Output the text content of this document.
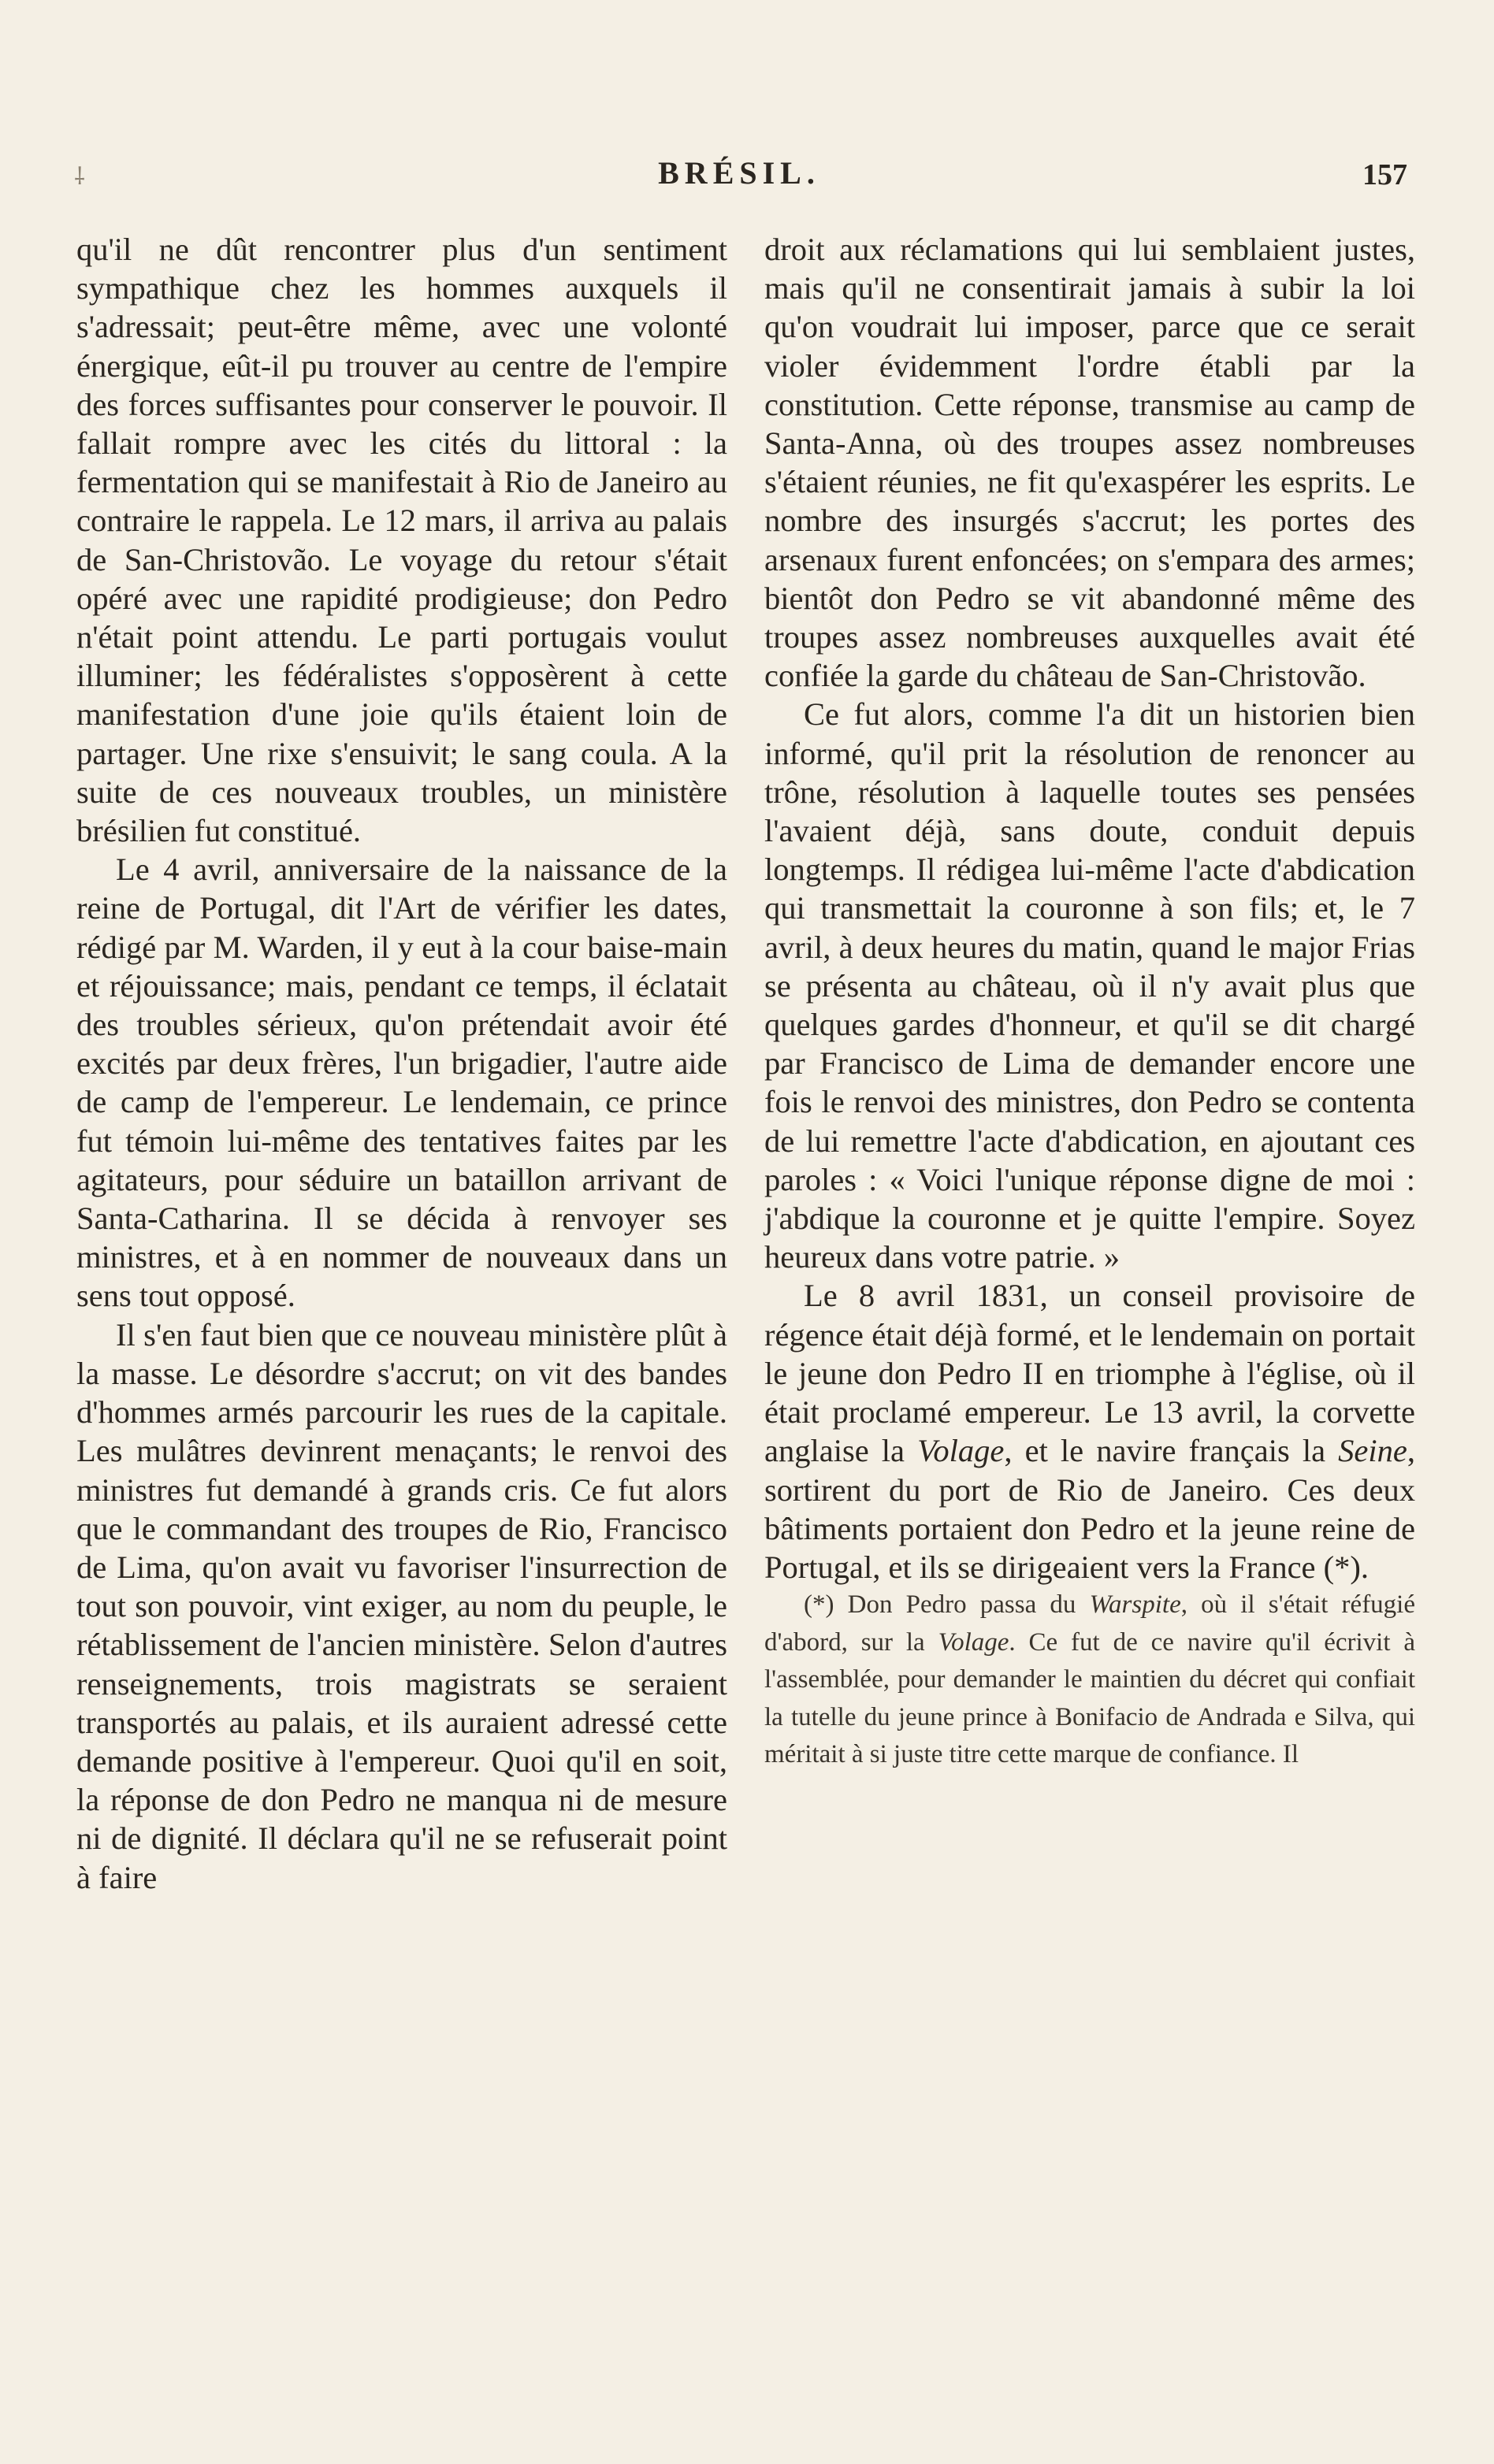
⸸	BRÉSIL.	157

qu'il ne dût rencontrer plus d'un sentiment sympathique chez les hommes auxquels il s'adressait; peut-être même, avec une volonté énergique, eût-il pu trouver au centre de l'empire des forces suffisantes pour conserver le pouvoir. Il fallait rompre avec les cités du littoral : la fermentation qui se manifestait à Rio de Janeiro au contraire le rappela. Le 12 mars, il arriva au palais de San-Christovão. Le voyage du retour s'était opéré avec une rapidité prodigieuse; don Pedro n'était point attendu. Le parti portugais voulut illuminer; les fédéralistes s'opposèrent à cette manifestation d'une joie qu'ils étaient loin de partager. Une rixe s'ensuivit; le sang coula. A la suite de ces nouveaux troubles, un ministère brésilien fut constitué.

Le 4 avril, anniversaire de la naissance de la reine de Portugal, dit l'Art de vérifier les dates, rédigé par M. Warden, il y eut à la cour baise-main et réjouissance; mais, pendant ce temps, il éclatait des troubles sérieux, qu'on prétendait avoir été excités par deux frères, l'un brigadier, l'autre aide de camp de l'empereur. Le lendemain, ce prince fut témoin lui-même des tentatives faites par les agitateurs, pour séduire un bataillon arrivant de Santa-Catharina. Il se décida à renvoyer ses ministres, et à en nommer de nouveaux dans un sens tout opposé.

Il s'en faut bien que ce nouveau ministère plût à la masse. Le désordre s'accrut; on vit des bandes d'hommes armés parcourir les rues de la capitale. Les mulâtres devinrent menaçants; le renvoi des ministres fut demandé à grands cris. Ce fut alors que le commandant des troupes de Rio, Francisco de Lima, qu'on avait vu favoriser l'insurrection de tout son pouvoir, vint exiger, au nom du peuple, le rétablissement de l'ancien ministère. Selon d'autres renseignements, trois magistrats se seraient transportés au palais, et ils auraient adressé cette demande positive à l'empereur. Quoi qu'il en soit, la réponse de don Pedro ne manqua ni de mesure ni de dignité. Il déclara qu'il ne se refuserait point à faire

droit aux réclamations qui lui semblaient justes, mais qu'il ne consentirait jamais à subir la loi qu'on voudrait lui imposer, parce que ce serait violer évidemment l'ordre établi par la constitution. Cette réponse, transmise au camp de Santa-Anna, où des troupes assez nombreuses s'étaient réunies, ne fit qu'exaspérer les esprits. Le nombre des insurgés s'accrut; les portes des arsenaux furent enfoncées; on s'empara des armes; bientôt don Pedro se vit abandonné même des troupes assez nombreuses auxquelles avait été confiée la garde du château de San-Christovão.

Ce fut alors, comme l'a dit un historien bien informé, qu'il prit la résolution de renoncer au trône, résolution à laquelle toutes ses pensées l'avaient déjà, sans doute, conduit depuis longtemps. Il rédigea lui-même l'acte d'abdication qui transmettait la couronne à son fils; et, le 7 avril, à deux heures du matin, quand le major Frias se présenta au château, où il n'y avait plus que quelques gardes d'honneur, et qu'il se dit chargé par Francisco de Lima de demander encore une fois le renvoi des ministres, don Pedro se contenta de lui remettre l'acte d'abdication, en ajoutant ces paroles : « Voici l'unique réponse digne de moi : j'abdique la couronne et je quitte l'empire. Soyez heureux dans votre patrie. »

Le 8 avril 1831, un conseil provisoire de régence était déjà formé, et le lendemain on portait le jeune don Pedro II en triomphe à l'église, où il était proclamé empereur. Le 13 avril, la corvette anglaise la Volage, et le navire français la Seine, sortirent du port de Rio de Janeiro. Ces deux bâtiments portaient don Pedro et la jeune reine de Portugal, et ils se dirigeaient vers la France (*).

(*) Don Pedro passa du Warspite, où il s'était réfugié d'abord, sur la Volage. Ce fut de ce navire qu'il écrivit à l'assemblée, pour demander le maintien du décret qui confiait la tutelle du jeune prince à Bonifacio de Andrada e Silva, qui méritait à si juste titre cette marque de confiance. Il
